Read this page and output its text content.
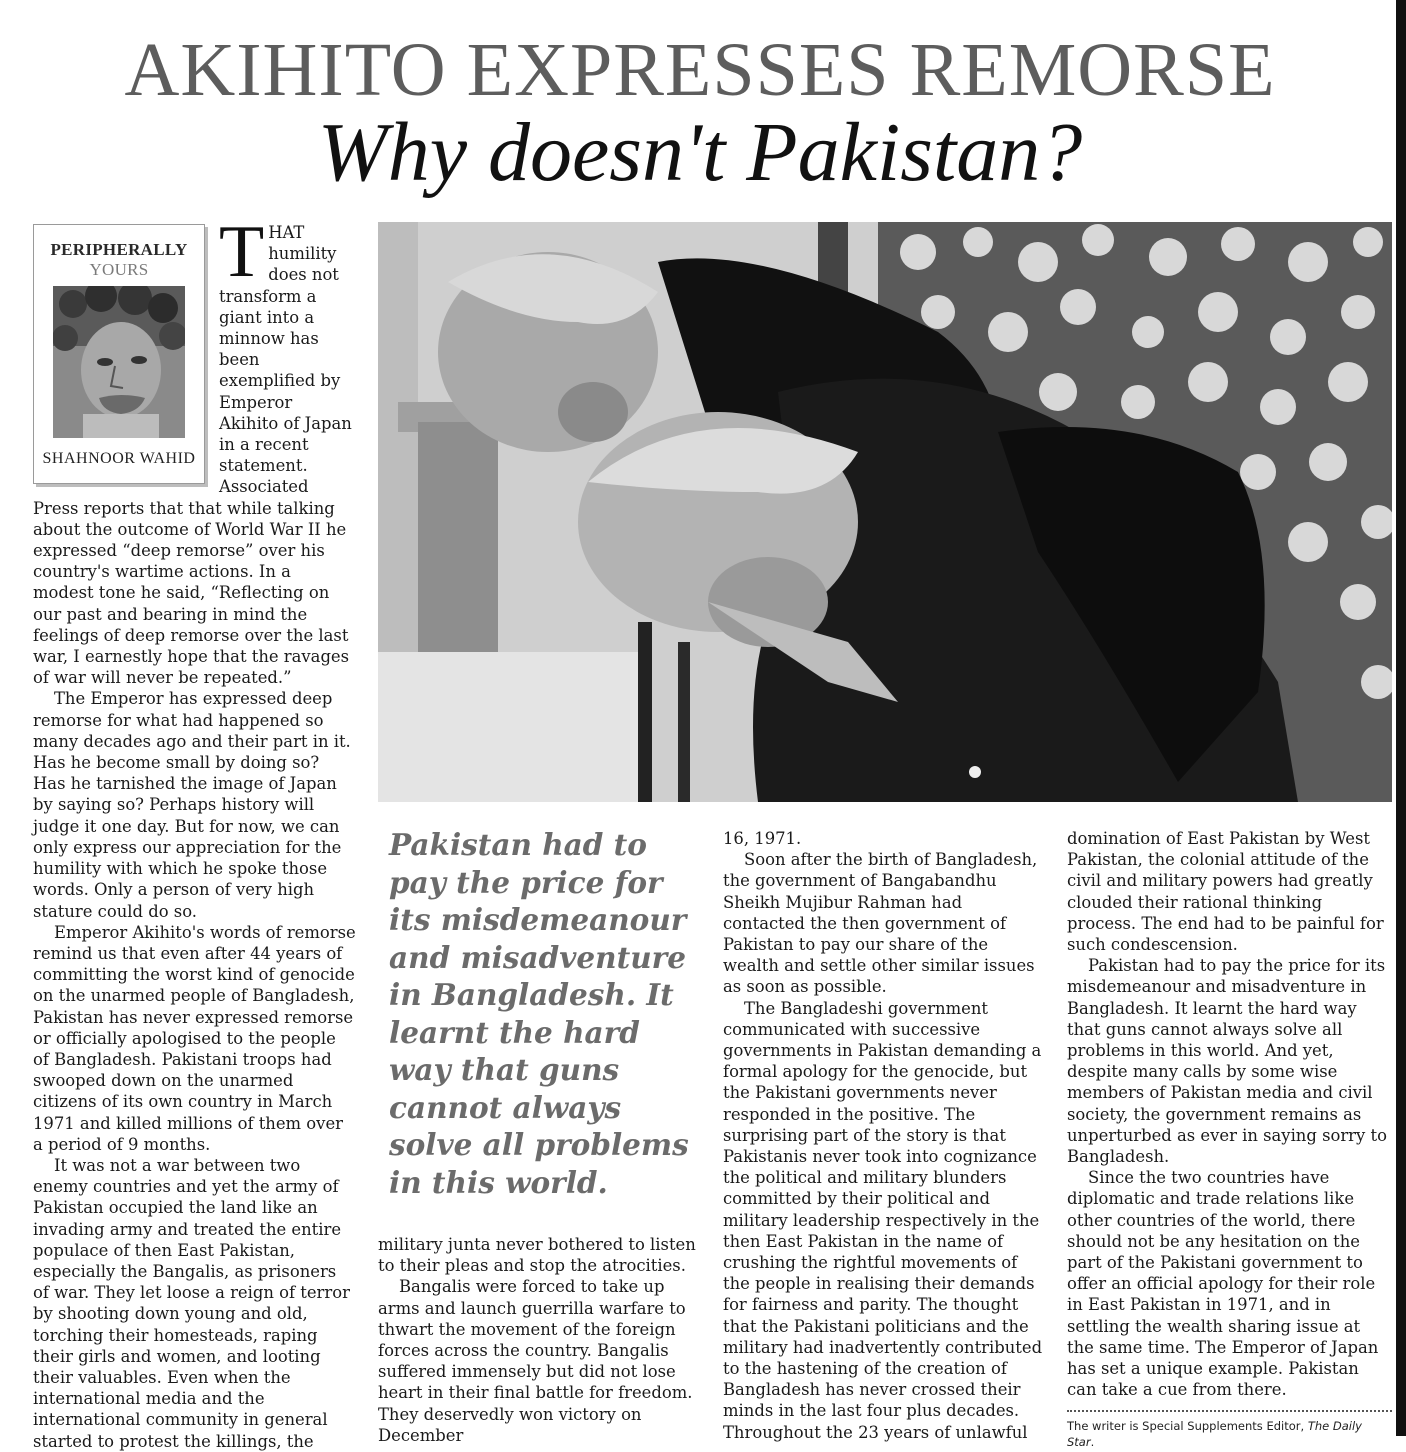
AKIHITO EXPRESSES REMORSE
Why doesn't Pakistan?
PERIPHERALLY
YOURS
SHAHNOOR WAHID
T HAT humility does not transform a giant into a minnow has been exemplified by Emperor Akihito of Japan in a recent statement. Associated Press reports that that while talking about the outcome of World War II he expressed “deep remorse” over his country's wartime actions. In a modest tone he said, “Reflecting on our past and bearing in mind the feelings of deep remorse over the last war, I earnestly hope that the ravages of war will never be repeated.”

The Emperor has expressed deep remorse for what had happened so many decades ago and their part in it. Has he become small by doing so? Has he tarnished the image of Japan by saying so? Perhaps history will judge it one day. But for now, we can only express our appreciation for the humility with which he spoke those words. Only a person of very high stature could do so.

Emperor Akihito's words of remorse remind us that even after 44 years of committing the worst kind of genocide on the unarmed people of Bangladesh, Pakistan has never expressed remorse or officially apologised to the people of Bangladesh. Pakistani troops had swooped down on the unarmed citizens of its own country in March 1971 and killed millions of them over a period of 9 months.

It was not a war between two enemy countries and yet the army of Pakistan occupied the land like an invading army and treated the entire populace of then East Pakistan, especially the Bangalis, as prisoners of war. They let loose a reign of terror by shooting down young and old, torching their homesteads, raping their girls and women, and looting their valuables. Even when the international media and the international community in general started to protest the killings, the

Pakistan had to pay the price for its misdemeanour and misadventure in Bangladesh. It learnt the hard way that guns cannot always solve all problems in this world.

military junta never bothered to listen to their pleas and stop the atrocities.

Bangalis were forced to take up arms and launch guerrilla warfare to thwart the movement of the foreign forces across the country. Bangalis suffered immensely but did not lose heart in their final battle for freedom. They deservedly won victory on December

16, 1971.

Soon after the birth of Bangladesh, the government of Bangabandhu Sheikh Mujibur Rahman had contacted the then government of Pakistan to pay our share of the wealth and settle other similar issues as soon as possible.

The Bangladeshi government communicated with successive governments in Pakistan demanding a formal apology for the genocide, but the Pakistani governments never responded in the positive. The surprising part of the story is that Pakistanis never took into cognizance the political and military blunders committed by their political and military leadership respectively in the then East Pakistan in the name of crushing the rightful movements of the people in realising their demands for fairness and parity. The thought that the Pakistani politicians and the military had inadvertently contributed to the hastening of the creation of Bangladesh has never crossed their minds in the last four plus decades. Throughout the 23 years of unlawful

domination of East Pakistan by West Pakistan, the colonial attitude of the civil and military powers had greatly clouded their rational thinking process. The end had to be painful for such condescension.

Pakistan had to pay the price for its misdemeanour and misadventure in Bangladesh. It learnt the hard way that guns cannot always solve all problems in this world. And yet, despite many calls by some wise members of Pakistan media and civil society, the government remains as unperturbed as ever in saying sorry to Bangladesh.

Since the two countries have diplomatic and trade relations like other countries of the world, there should not be any hesitation on the part of the Pakistani government to offer an official apology for their role in East Pakistan in 1971, and in settling the wealth sharing issue at the same time. The Emperor of Japan has set a unique example. Pakistan can take a cue from there.

The writer is Special Supplements Editor, The Daily Star.
